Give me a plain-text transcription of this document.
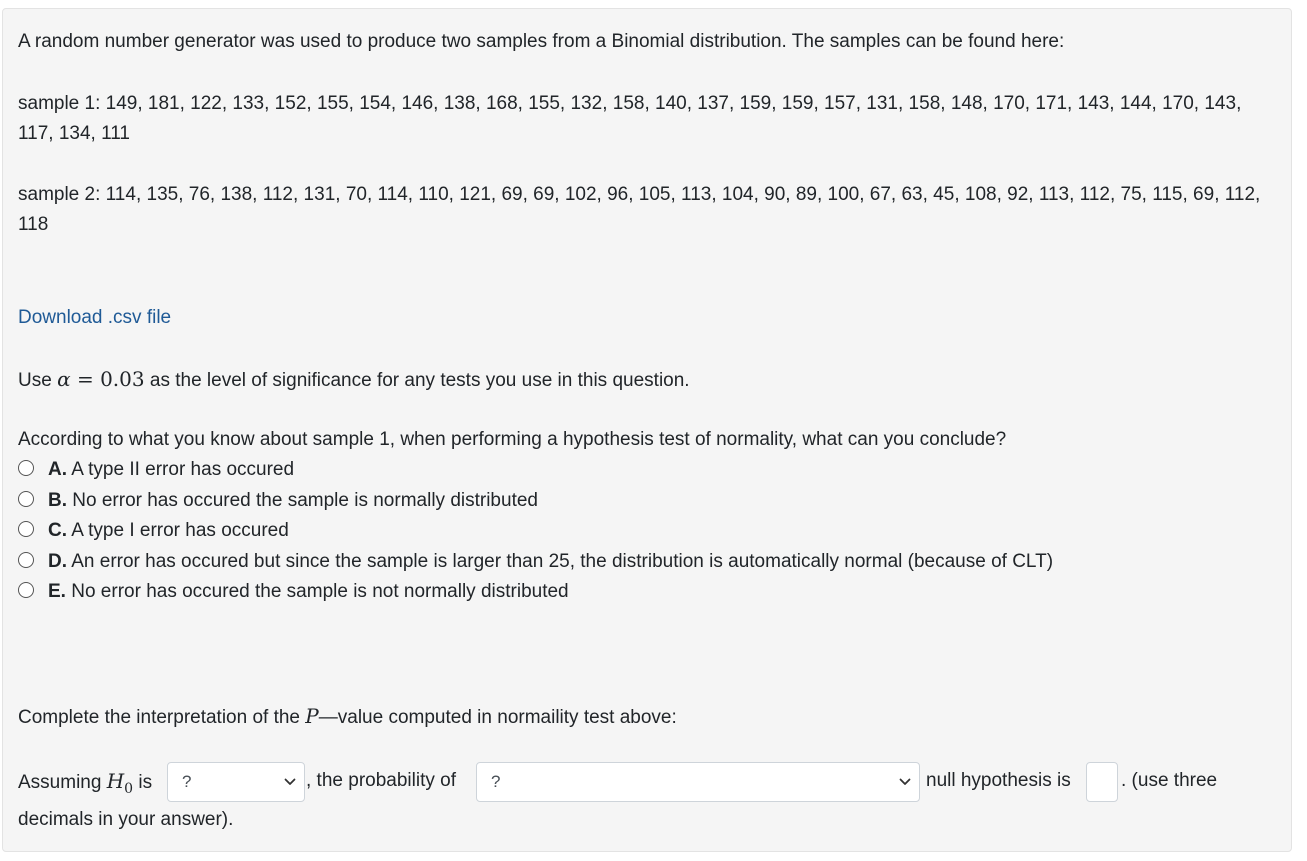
A random number generator was used to produce two samples from a Binomial distribution. The samples can be found here:
sample 1: 149, 181, 122, 133, 152, 155, 154, 146, 138, 168, 155, 132, 158, 140, 137, 159, 159, 157, 131, 158, 148, 170, 171, 143, 144, 170, 143, 117, 134, 111
sample 2: 114, 135, 76, 138, 112, 131, 70, 114, 110, 121, 69, 69, 102, 96, 105, 113, 104, 90, 89, 100, 67, 63, 45, 108, 92, 113, 112, 75, 115, 69, 112, 118
Download .csv file
Use α = 0.03 as the level of significance for any tests you use in this question.
According to what you know about sample 1, when performing a hypothesis test of normality, what can you conclude?
A. A type II error has occured
B. No error has occured the sample is normally distributed
C. A type I error has occured
D. An error has occured but since the sample is larger than 25, the distribution is automatically normal (because of CLT)
E. No error has occured the sample is not normally distributed
Complete the interpretation of the P—value computed in normaility test above:
Assuming $H_0$ is ?	, the probability of ?	null hypothesis is	. (use three
decimals in your answer).
